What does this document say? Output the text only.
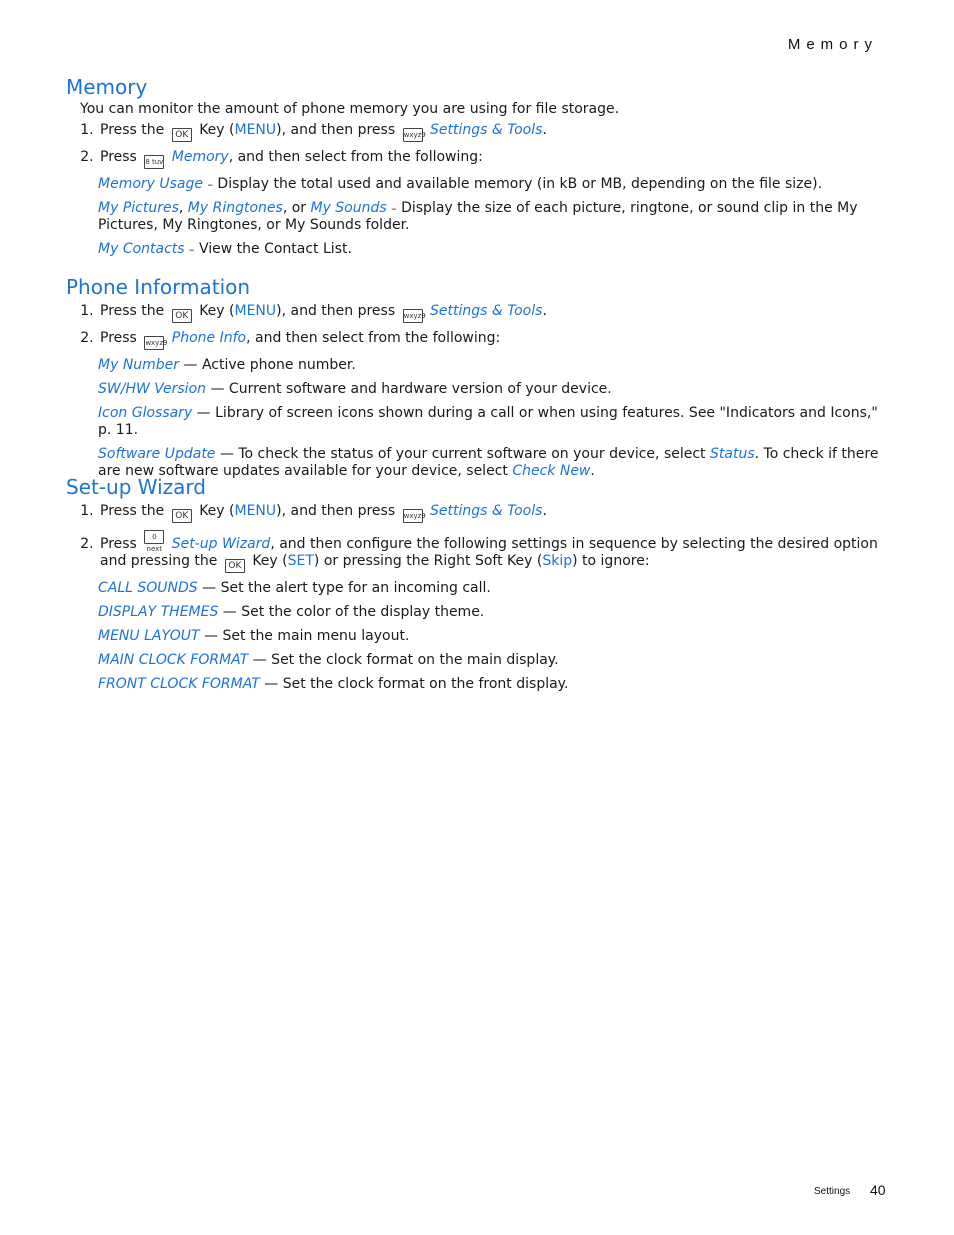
Memory
Memory
You can monitor the amount of phone memory you are using for file storage.
1. Press the OK Key (MENU), and then press wxyz9 Settings & Tools.
2. Press 8 tuv Memory, and then select from the following:
Memory Usage – Display the total used and available memory (in kB or MB, depending on the file size).
My Pictures, My Ringtones, or My Sounds – Display the size of each picture, ringtone, or sound clip in the My Pictures, My Ringtones, or My Sounds folder.
My Contacts – View the Contact List.
Phone Information
1. Press the OK Key (MENU), and then press wxyz9 Settings & Tools.
2. Press wxyz9 Phone Info, and then select from the following:
My Number — Active phone number.
SW/HW Version — Current software and hardware version of your device.
Icon Glossary — Library of screen icons shown during a call or when using features. See "Indicators and Icons," p. 11.
Software Update — To check the status of your current software on your device, select Status. To check if there are new software updates available for your device, select Check New.
Set-up Wizard
1. Press the OK Key (MENU), and then press wxyz9 Settings & Tools.
2. Press 0 next Set-up Wizard, and then configure the following settings in sequence by selecting the desired option and pressing the OK Key (SET) or pressing the Right Soft Key (Skip) to ignore:
CALL SOUNDS — Set the alert type for an incoming call.
DISPLAY THEMES — Set the color of the display theme.
MENU LAYOUT — Set the main menu layout.
MAIN CLOCK FORMAT — Set the clock format on the main display.
FRONT CLOCK FORMAT — Set the clock format on the front display.
Settings 40
